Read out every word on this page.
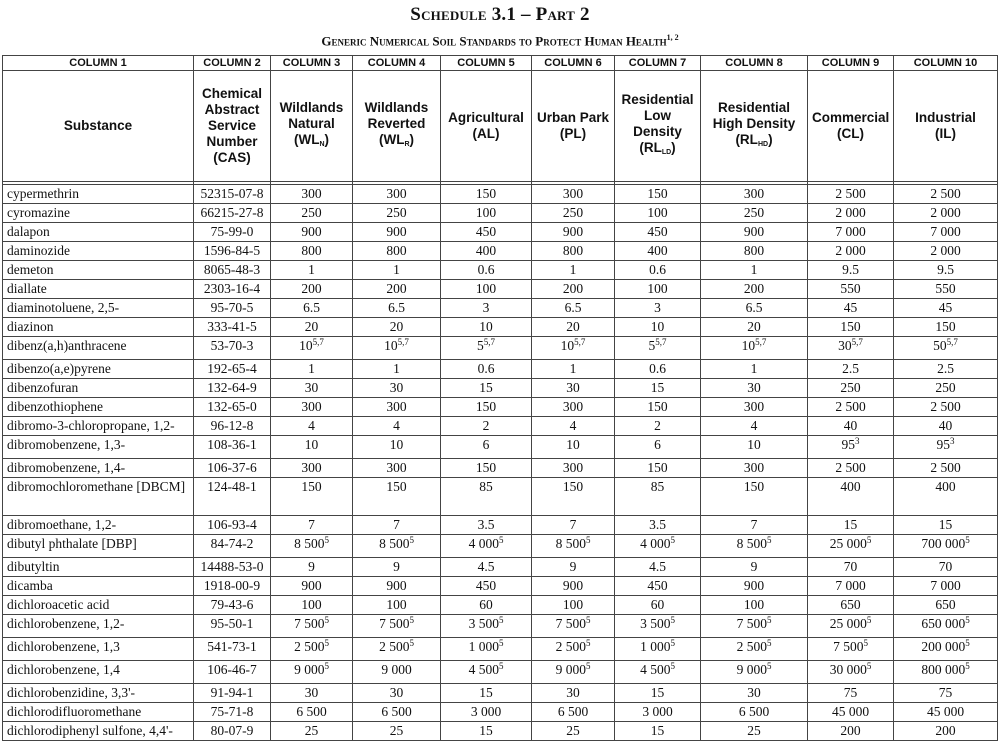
Schedule 3.1 – Part 2
Generic Numerical Soil Standards to Protect Human Health$^{1, 2}$
COLUMN 1	COLUMN 2	COLUMN 3	COLUMN 4	COLUMN 5	COLUMN 6	COLUMN 7	COLUMN 8	COLUMN 9	COLUMN 10

Substance

Chemical
Abstract
Service
Number
(CAS)

Wildlands
Natural
$(WL_N)$

Wildlands
Reverted
$(WL_R)$

Agricultural
(AL)

Urban Park
(PL)

Residential
Low
Density
$(RL_{LD})$

Residential
High Density
$(RL_{HD})$

Commercial
(CL)

Industrial
(IL)

cypermethrin	52315-07-8	300	300	150	300	150	300	2 500	2 500
cyromazine	66215-27-8	250	250	100	250	100	250	2 000	2 000
dalapon	75-99-0	900	900	450	900	450	900	7 000	7 000
daminozide	1596-84-5	800	800	400	800	400	800	2 000	2 000
demeton	8065-48-3	1	1	0.6	1	0.6	1	9.5	9.5
diallate	2303-16-4	200	200	100	200	100	200	550	550
diaminotoluene, 2,5-	95-70-5	6.5	6.5	3	6.5	3	6.5	45	45
diazinon	333-41-5	20	20	10	20	10	20	150	150
dibenz(a,h)anthracene	53-70-3	10$^{5,7}$	10$^{5,7}$	5$^{5,7}$	10$^{5,7}$	5$^{5,7}$	10$^{5,7}$	30$^{5,7}$	50$^{5,7}$
dibenzo(a,e)pyrene	192-65-4	1	1	0.6	1	0.6	1	2.5	2.5
dibenzofuran	132-64-9	30	30	15	30	15	30	250	250
dibenzothiophene	132-65-0	300	300	150	300	150	300	2 500	2 500
dibromo-3-chloropropane, 1,2-	96-12-8	4	4	2	4	2	4	40	40
dibromobenzene, 1,3-	108-36-1	10	10	6	10	6	10	$95^3$	$95^3$
dibromobenzene, 1,4-	106-37-6	300	300	150	300	150	300	2 500	2 500
dibromochloromethane [DBCM]	124-48-1	150	150	85	150	85	150	400	400
dibromoethane, 1,2-	106-93-4	7	7	3.5	7	3.5	7	15	15
dibutyl phthalate [DBP]	84-74-2	8 $500^5$	8 $500^5$	4 $000^5$	8 $500^5$	4 $000^5$	8 $500^5$	25 $000^5$	700 $000^5$
dibutyltin	14488-53-0	9	9	4.5	9	4.5	9	70	70
dicamba	1918-00-9	900	900	450	900	450	900	7 000	7 000
dichloroacetic acid	79-43-6	100	100	60	100	60	100	650	650
dichlorobenzene, 1,2-	95-50-1	7 $500^5$	7 $500^5$	3 $500^5$	7 $500^5$	3 $500^5$	7 $500^5$	25 $000^5$	650 $000^5$
dichlorobenzene, 1,3	541-73-1	2 $500^5$	2 $500^5$	1 $000^5$	2 $500^5$	1 $000^5$	2 $500^5$	7 $500^5$	200 $000^5$
dichlorobenzene, 1,4	106-46-7	9 $000^5$	9 000	4 $500^5$	9 $000^5$	4 $500^5$	9 $000^5$	30 $000^5$	800 $000^5$
dichlorobenzidine, 3,3'-	91-94-1	30	30	15	30	15	30	75	75
dichlorodifluoromethane	75-71-8	6 500	6 500	3 000	6 500	3 000	6 500	45 000	45 000
dichlorodiphenyl sulfone, 4,4'-	80-07-9	25	25	15	25	15	25	200	200
